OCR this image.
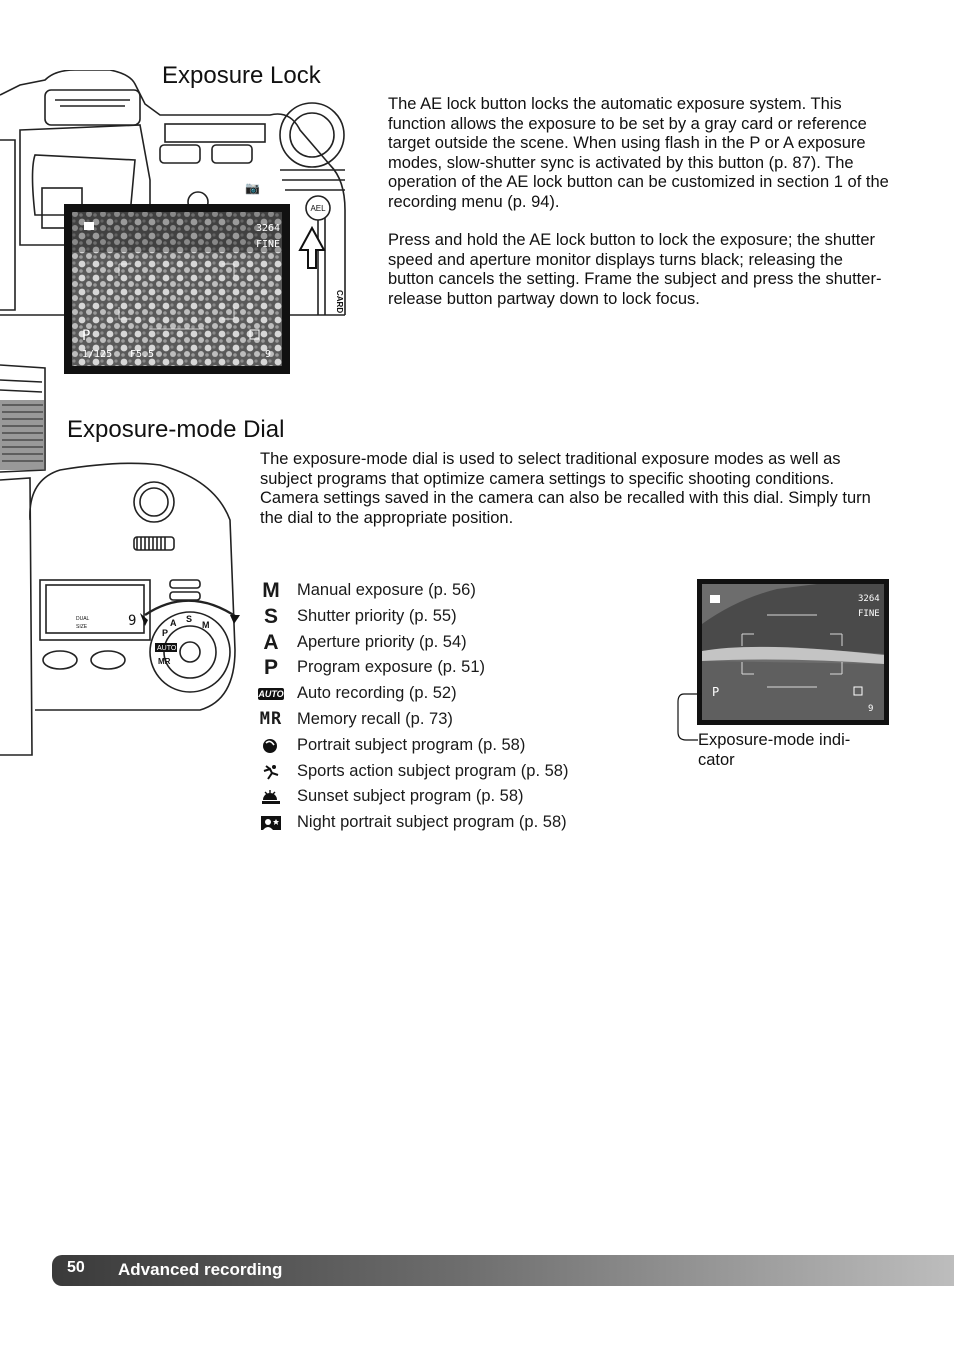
Exposure Lock

The AE lock button locks the automatic exposure system. This function allows the exposure to be set by a gray card or reference target outside the scene. When using flash in the P or A exposure modes, slow-shutter sync is activated by this button (p. 87). The operation of the AE lock button can be customized in section 1 of the recording menu (p. 94).

Press and hold the AE lock button to lock the exposure; the shutter speed and aperture monitor displays turns black; releasing the button cancels the setting. Frame the subject and press the shutter-release button partway down to lock focus.

AEL
CARD
📷
3264
FINE
P
1/125 F5.5	9
Exposure-mode Dial

The exposure-mode dial is used to select traditional exposure modes as well as subject programs that optimize camera settings to specific shooting conditions. Camera settings saved in the camera can also be recalled with this dial. Simply turn the dial to the appropriate position.

9
DUAL
SIZE	M
S
A
P
AUTO
MR
M	Manual exposure (p. 56)
S	Shutter priority (p. 55)
A	Aperture priority (p. 54)
P	Program exposure (p. 51)
AUTO Auto recording (p. 52)
MR Memory recall (p. 73)
Portrait subject program (p. 58)
Sports action subject program (p. 58)
Sunset subject program (p. 58)
Night portrait subject program (p. 58)
3264
FINE
P
9
Exposure-mode indi-
cator
50 Advanced recording
